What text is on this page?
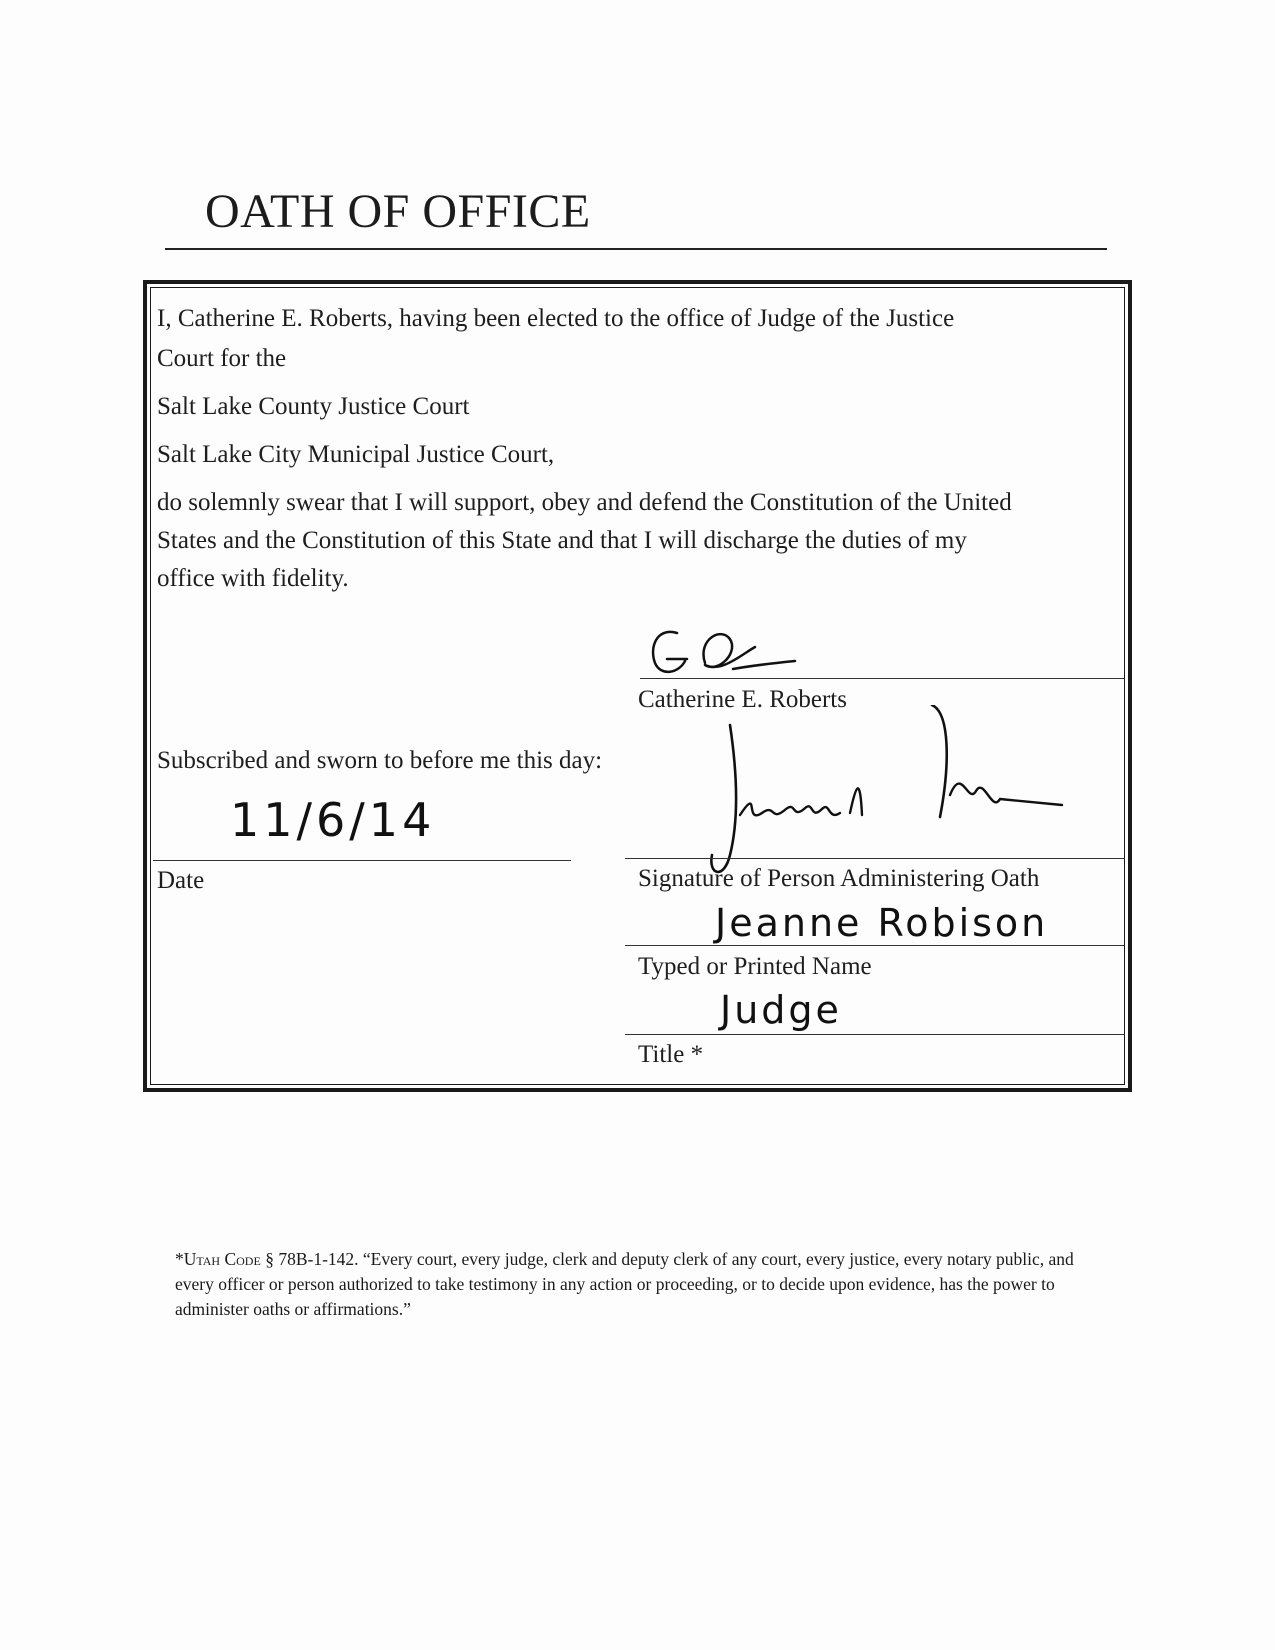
OATH OF OFFICE
I, Catherine E. Roberts, having been elected to the office of Judge of the Justice
Court for the
Salt Lake County Justice Court
Salt Lake City Municipal Justice Court,
do solemnly swear that I will support, obey and defend the Constitution of the United
States and the Constitution of this State and that I will discharge the duties of my
office with fidelity.
Catherine E. Roberts
Subscribed and sworn to before me this day:
11/6/14
Date	Signature of Person Administering Oath
Jeanne Robison
Typed or Printed Name
Judge
Title *
*Utah Code § 78B-1-142. “Every court, every judge, clerk and deputy clerk of any court, every justice, every notary public, and every officer or person authorized to take testimony in any action or proceeding, or to decide upon evidence, has the power to administer oaths or affirmations.”
